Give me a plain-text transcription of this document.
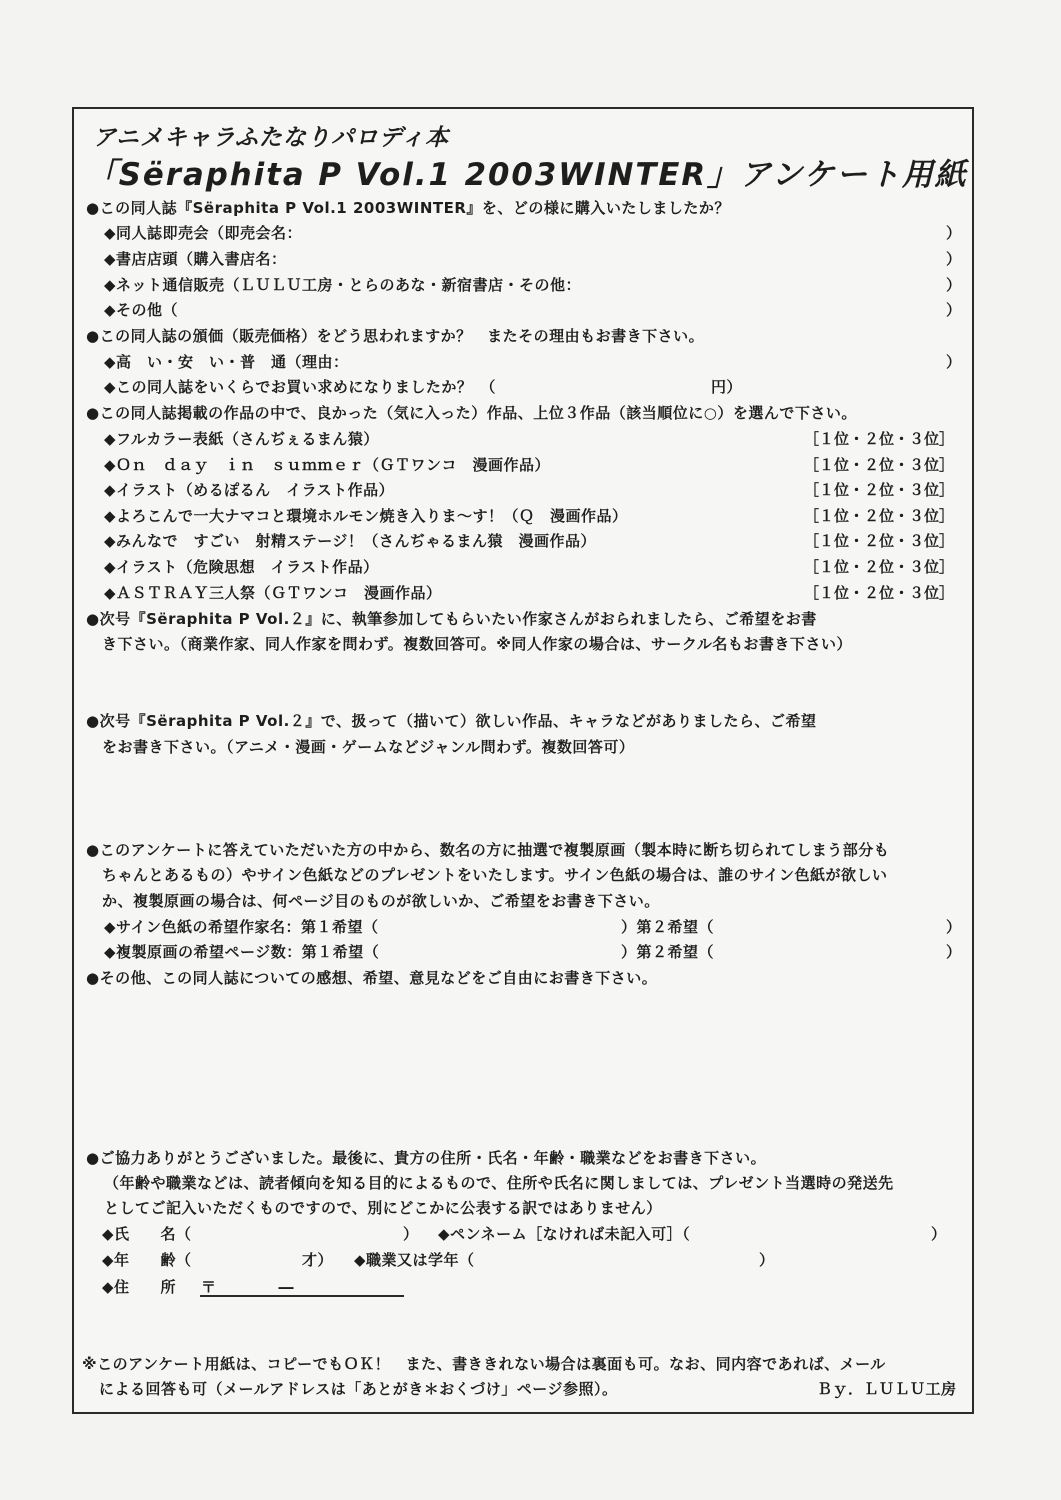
アニメキャラふたなりパロディ本
「Sëraphita P Vol.1 2003WINTER」アンケート用紙
●この同人誌『Sëraphita P Vol.1 2003WINTER』を、どの様に購入いたしましたか？
◆同人誌即売会（即売会名：	）
◆書店店頭（購入書店名：	）
◆ネット通信販売（ＬＵＬＵ工房・とらのあな・新宿書店・その他：	）
◆その他（	）
●この同人誌の頒価（販売価格）をどう思われますか？　またその理由もお書き下さい。
◆高　い・安　い・普　通（理由：	）
◆この同人誌をいくらでお買い求めになりましたか？　（	円）
●この同人誌掲載の作品の中で、良かった（気に入った）作品、上位３作品（該当順位に○）を選んで下さい。
◆フルカラー表紙（さんぢぇるまん猿）	［１位・２位・３位］
◆Ｏｎ　ｄａｙ　ｉｎ　ｓｕｍｍｅｒ（ＧＴワンコ　漫画作品）	［１位・２位・３位］
◆イラスト（めるぽるん　イラスト作品）	［１位・２位・３位］
◆よろこんで一大ナマコと環境ホルモン焼き入りま～す！（Ｑ　漫画作品）	［１位・２位・３位］
◆みんなで　すごい　射精ステージ！（さんぢゃるまん猿　漫画作品）	［１位・２位・３位］
◆イラスト（危険思想　イラスト作品）	［１位・２位・３位］
◆ＡＳＴＲＡＹ三人祭（ＧＴワンコ　漫画作品）	［１位・２位・３位］
●次号『Sëraphita P Vol.２』に、執筆参加してもらいたい作家さんがおられましたら、ご希望をお書
き下さい。（商業作家、同人作家を問わず。複数回答可。※同人作家の場合は、サークル名もお書き下さい）
●次号『Sëraphita P Vol.２』で、扱って（描いて）欲しい作品、キャラなどがありましたら、ご希望
をお書き下さい。（アニメ・漫画・ゲームなどジャンル問わず。複数回答可）
●このアンケートに答えていただいた方の中から、数名の方に抽選で複製原画（製本時に断ち切られてしまう部分も
ちゃんとあるもの）やサイン色紙などのプレゼントをいたします。サイン色紙の場合は、誰のサイン色紙が欲しい
か、複製原画の場合は、何ページ目のものが欲しいか、ご希望をお書き下さい。
◆サイン色紙の希望作家名：第１希望（	）第２希望（	）
◆複製原画の希望ページ数：第１希望（	）第２希望（	）
●その他、この同人誌についての感想、希望、意見などをご自由にお書き下さい。
●ご協力ありがとうございました。最後に、貴方の住所・氏名・年齢・職業などをお書き下さい。
（年齢や職業などは、読者傾向を知る目的によるもので、住所や氏名に関しましては、プレゼント当選時の発送先
としてご記入いただくものですので、別にどこかに公表する訳ではありません）
◆氏　　名（	） ◆ペンネーム［なければ未記入可］（	）
◆年　　齢（	才） ◆職業又は学年（	）
◆住　　所 〒　　　　―
※このアンケート用紙は、コピーでもＯＫ！　また、書ききれない場合は裏面も可。なお、同内容であれば、メール
による回答も可（メールアドレスは「あとがき＊おくづけ」ページ参照）。	Ｂｙ．ＬＵＬＵ工房
